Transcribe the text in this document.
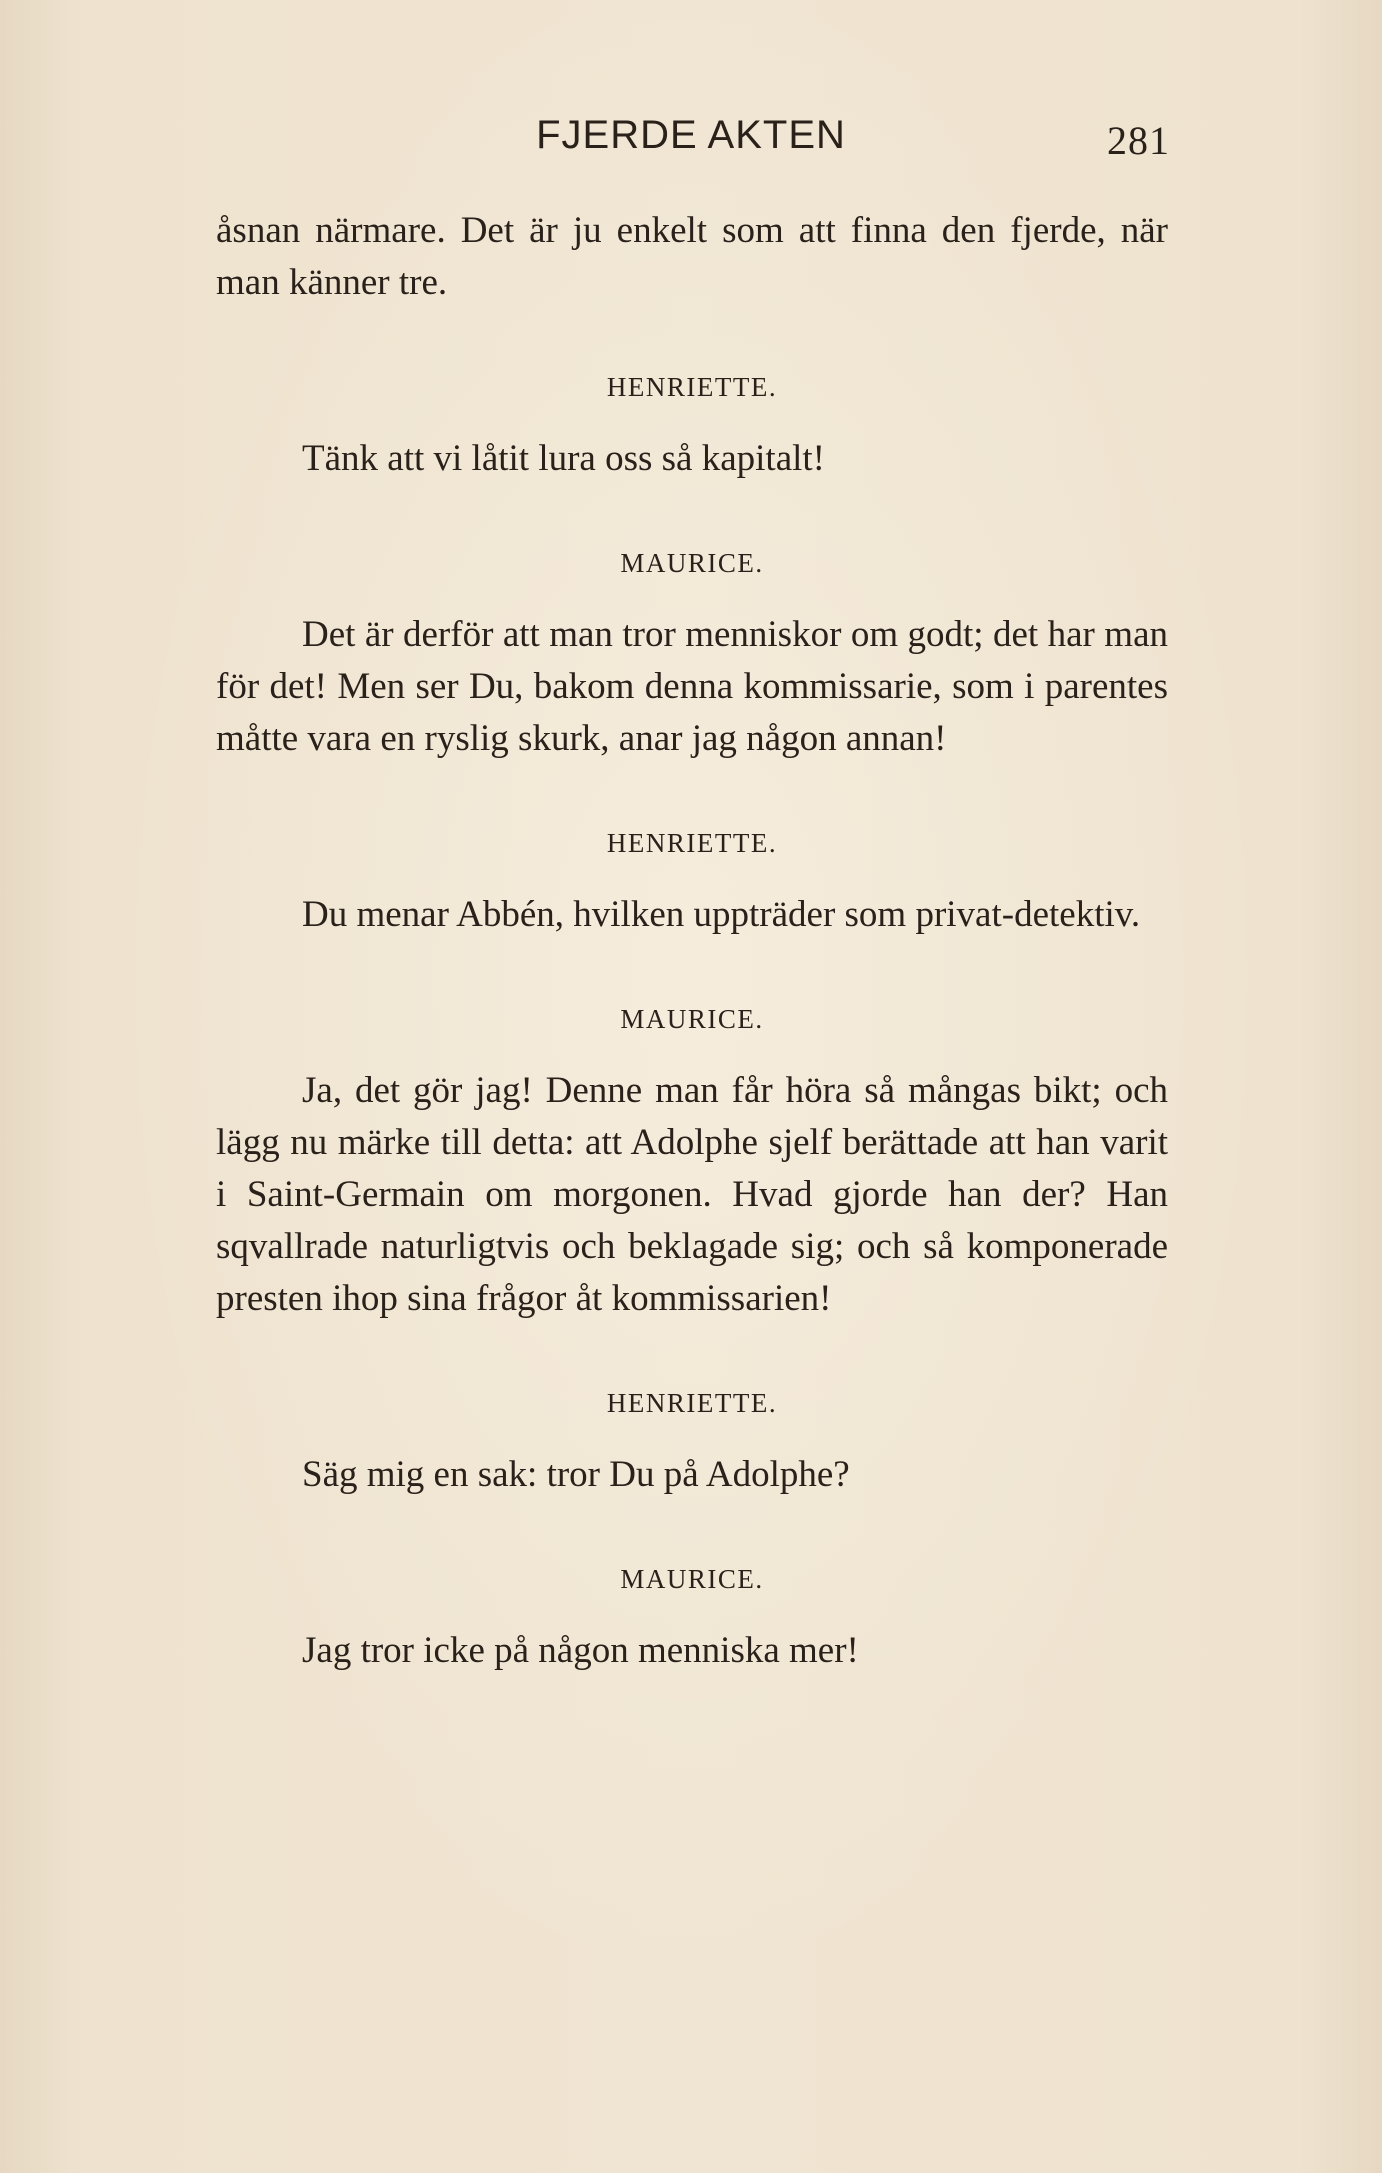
FJERDE AKTEN	281

åsnan närmare. Det är ju enkelt som att finna den fjerde, när man känner tre.

HENRIETTE.

Tänk att vi låtit lura oss så kapitalt!

MAURICE.

Det är derför att man tror menniskor om godt; det har man för det! Men ser Du, bakom denna kommissarie, som i parentes måtte vara en ryslig skurk, anar jag någon annan!

HENRIETTE.

Du menar Abbén, hvilken uppträder som privat-detektiv.

MAURICE.

Ja, det gör jag! Denne man får höra så mångas bikt; och lägg nu märke till detta: att Adolphe sjelf berättade att han varit i Saint-Germain om morgonen. Hvad gjorde han der? Han sqvallrade naturligtvis och beklagade sig; och så komponerade presten ihop sina frågor åt kommissarien!

HENRIETTE.

Säg mig en sak: tror Du på Adolphe?

MAURICE.

Jag tror icke på någon menniska mer!
